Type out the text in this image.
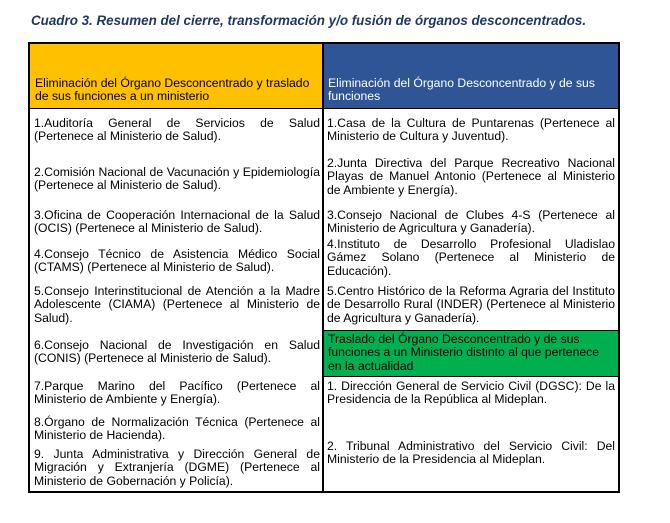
Cuadro 3. Resumen del cierre, transformación y/o fusión de órganos desconcentrados.
Eliminación del Órgano Desconcentrado y traslado de sus funciones a un ministerio
Eliminación del Órgano Desconcentrado y de sus funciones
1.Auditoría General de Servicios de Salud (Pertenece al Ministerio de Salud).
2.Comisión Nacional de Vacunación y Epidemiología (Pertenece al Ministerio de Salud).
3.Oficina de Cooperación Internacional de la Salud (OCIS) (Pertenece al Ministerio de Salud).
4.Consejo Técnico de Asistencia Médico Social (CTAMS) (Pertenece al Ministerio de Salud).
5.Consejo Interinstitucional de Atención a la Madre Adolescente (CIAMA) (Pertenece al Ministerio de Salud).
6.Consejo Nacional de Investigación en Salud (CONIS) (Pertenece al Ministerio de Salud).
7.Parque Marino del Pacífico (Pertenece al Ministerio de Ambiente y Energía).
8.Órgano de Normalización Técnica (Pertenece al Ministerio de Hacienda).
9. Junta Administrativa y Dirección General de Migración y Extranjería (DGME) (Pertenece al Ministerio de Gobernación y Policía).
1.Casa de la Cultura de Puntarenas (Pertenece al Ministerio de Cultura y Juventud).
2.Junta Directiva del Parque Recreativo Nacional Playas de Manuel Antonio (Pertenece al Ministerio de Ambiente y Energía).
3.Consejo Nacional de Clubes 4-S (Pertenece al Ministerio de Agricultura y Ganadería).
4.Instituto de Desarrollo Profesional Uladislao Gámez Solano (Pertenece al Ministerio de Educación).
5.Centro Histórico de la Reforma Agraria del Instituto de Desarrollo Rural (INDER) (Pertenece al Ministerio de Agricultura y Ganadería).
Traslado del Órgano Desconcentrado y de sus funciones a un Ministerio distinto al que pertenece en la actualidad
1. Dirección General de Servicio Civil (DGSC): De la Presidencia de la República al Mideplan.
2. Tribunal Administrativo del Servicio Civil: Del Ministerio de la Presidencia al Mideplan.
